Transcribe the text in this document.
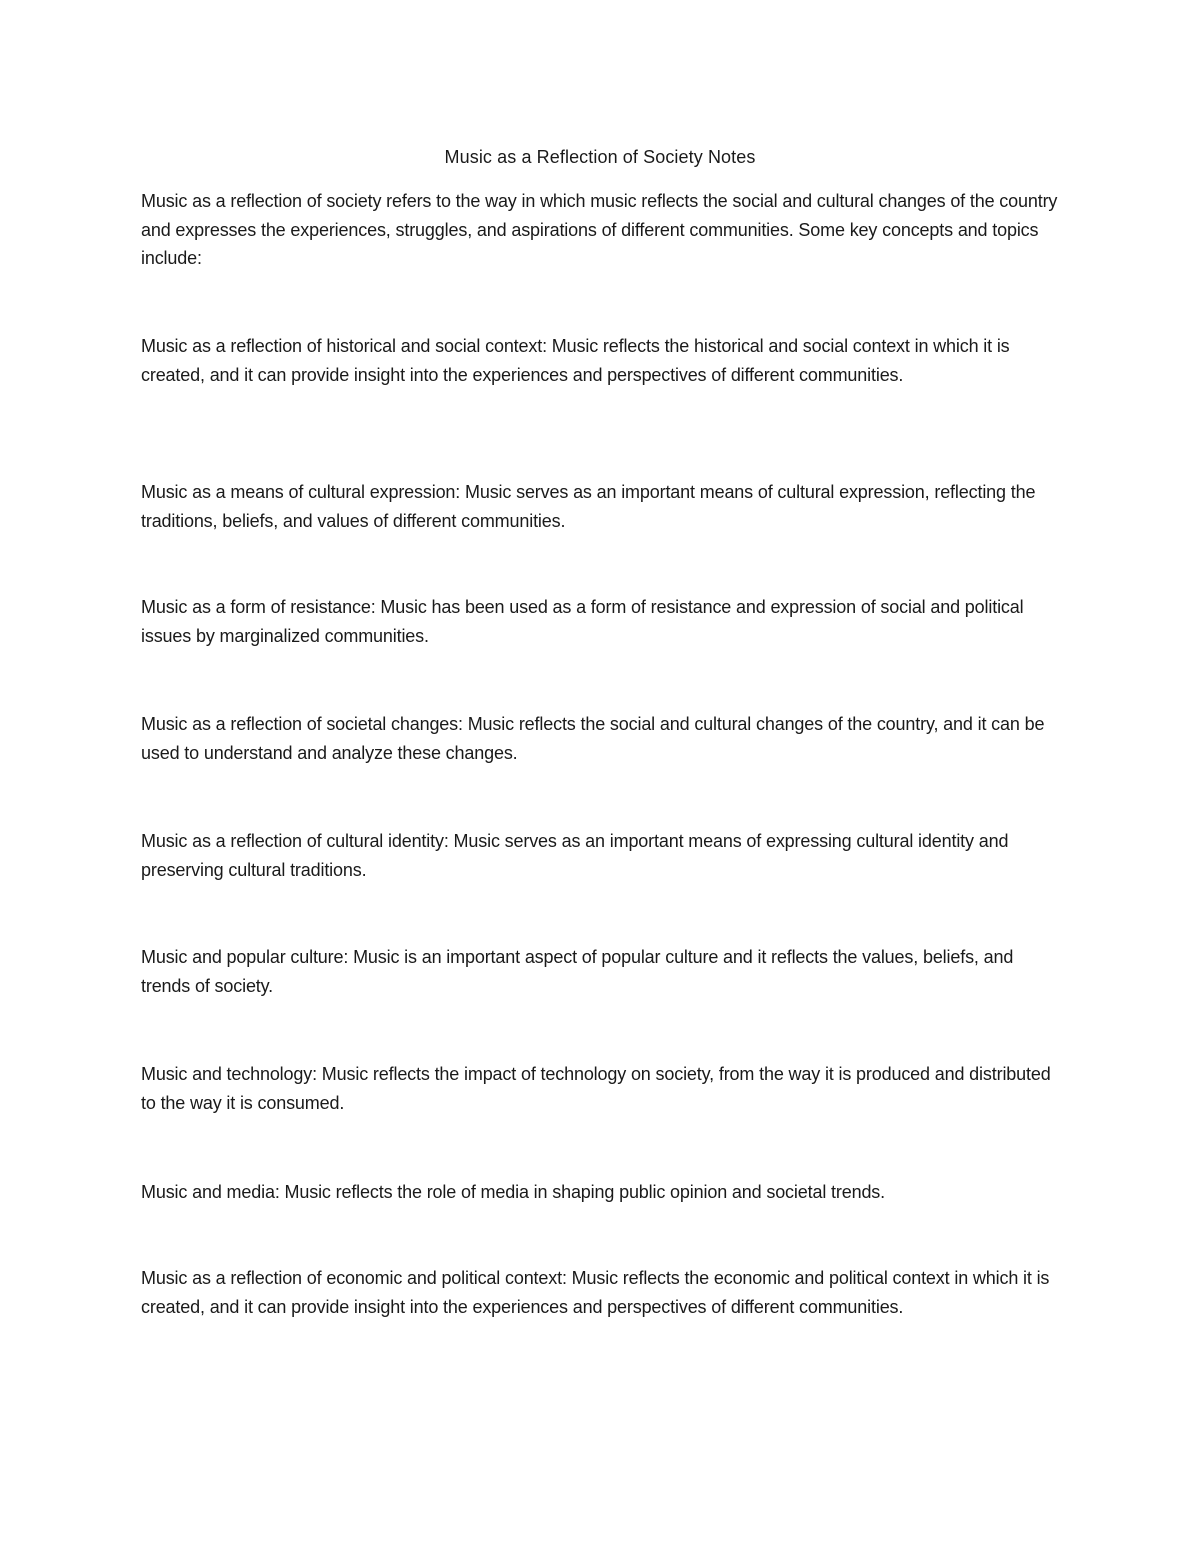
Music as a Reflection of Society Notes

Music as a reflection of society refers to the way in which music reflects the social and cultural changes of the country and expresses the experiences, struggles, and aspirations of different communities. Some key concepts and topics include:

Music as a reflection of historical and social context: Music reflects the historical and social context in which it is created, and it can provide insight into the experiences and perspectives of different communities.

Music as a means of cultural expression: Music serves as an important means of cultural expression, reflecting the traditions, beliefs, and values of different communities.

Music as a form of resistance: Music has been used as a form of resistance and expression of social and political issues by marginalized communities.

Music as a reflection of societal changes: Music reflects the social and cultural changes of the country, and it can be used to understand and analyze these changes.

Music as a reflection of cultural identity: Music serves as an important means of expressing cultural identity and preserving cultural traditions.

Music and popular culture: Music is an important aspect of popular culture and it reflects the values, beliefs, and trends of society.

Music and technology: Music reflects the impact of technology on society, from the way it is produced and distributed to the way it is consumed.

Music and media: Music reflects the role of media in shaping public opinion and societal trends.

Music as a reflection of economic and political context: Music reflects the economic and political context in which it is created, and it can provide insight into the experiences and perspectives of different communities.
